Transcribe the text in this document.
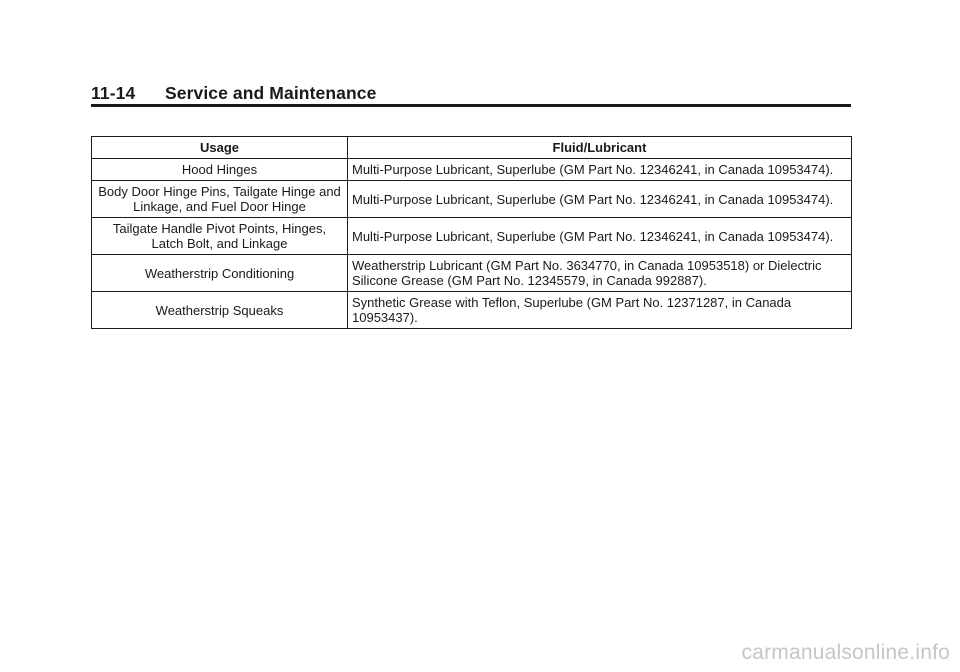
11-14	Service and Maintenance
Usage	Fluid/Lubricant
Hood Hinges	Multi-Purpose Lubricant, Superlube (GM Part No. 12346241, in Canada 10953474).
Body Door Hinge Pins, Tailgate Hinge and Linkage, and Fuel Door Hinge	Multi-Purpose Lubricant, Superlube (GM Part No. 12346241, in Canada 10953474).
Tailgate Handle Pivot Points, Hinges, Latch Bolt, and Linkage	Multi-Purpose Lubricant, Superlube (GM Part No. 12346241, in Canada 10953474).
Weatherstrip Conditioning	Weatherstrip Lubricant (GM Part No. 3634770, in Canada 10953518) or Dielectric Silicone Grease (GM Part No. 12345579, in Canada 992887).
Weatherstrip Squeaks	Synthetic Grease with Teflon, Superlube (GM Part No. 12371287, in Canada 10953437).
carmanualsonline.info
